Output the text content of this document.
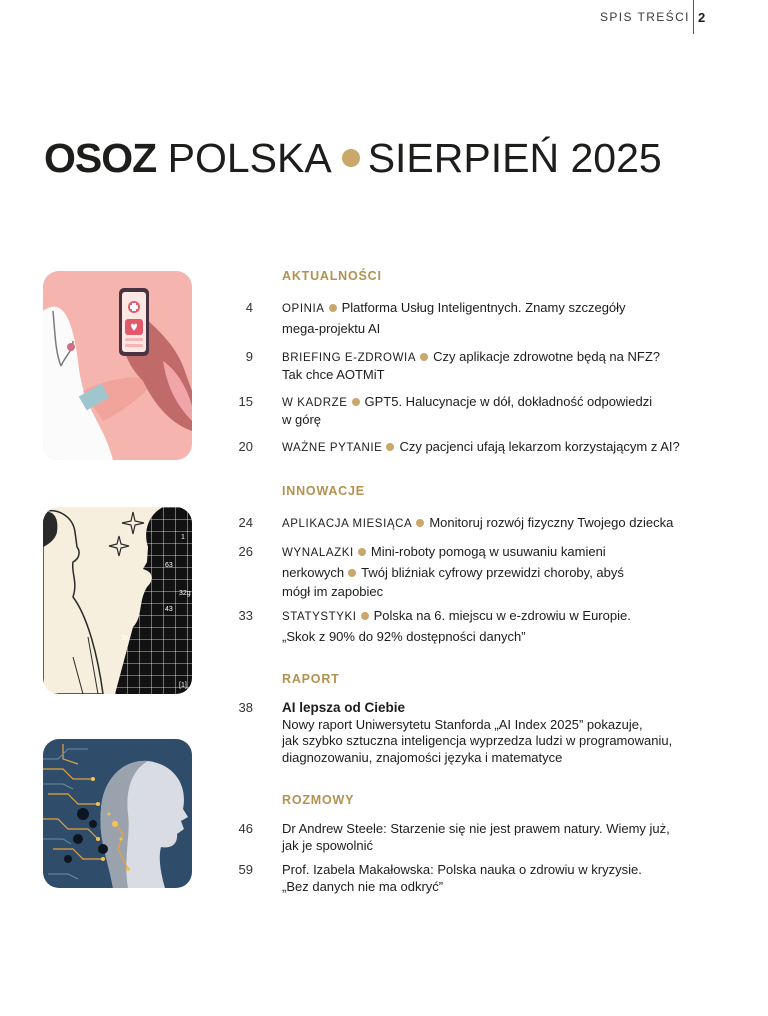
SPIS TREŚCI 2
OSOZ POLSKA SIERPIEŃ 2025
1
63
32g
43
3x
[1]
AKTUALNOŚCI
4	OPINIA Platforma Usług Inteligentnych. Znamy szczegóły
mega-projektu AI
9	BRIEFING E-ZDROWIA Czy aplikacje zdrowotne będą na NFZ?
Tak chce AOTMiT
15	W KADRZE GPT5. Halucynacje w dół, dokładność odpowiedzi
w górę
20	WAŻNE PYTANIE Czy pacjenci ufają lekarzom korzystającym z AI?
INNOWACJE
24	APLIKACJA MIESIĄCA Monitoruj rozwój fizyczny Twojego dziecka
26	WYNALAZKI Mini-roboty pomogą w usuwaniu kamieni
nerkowych Twój bliźniak cyfrowy przewidzi choroby, abyś
mógł im zapobiec
33	STATYSTYKI Polska na 6. miejscu w e-zdrowiu w Europie.
„Skok z 90% do 92% dostępności danych”
RAPORT
38 AI lepsza od Ciebie
Nowy raport Uniwersytetu Stanforda „AI Index 2025” pokazuje,
jak szybko sztuczna inteligencja wyprzedza ludzi w programowaniu,
diagnozowaniu, znajomości języka i matematyce
ROZMOWY
46 Dr Andrew Steele: Starzenie się nie jest prawem natury. Wiemy już,
jak je spowolnić
59 Prof. Izabela Makałowska: Polska nauka o zdrowiu w kryzysie.
„Bez danych nie ma odkryć”
